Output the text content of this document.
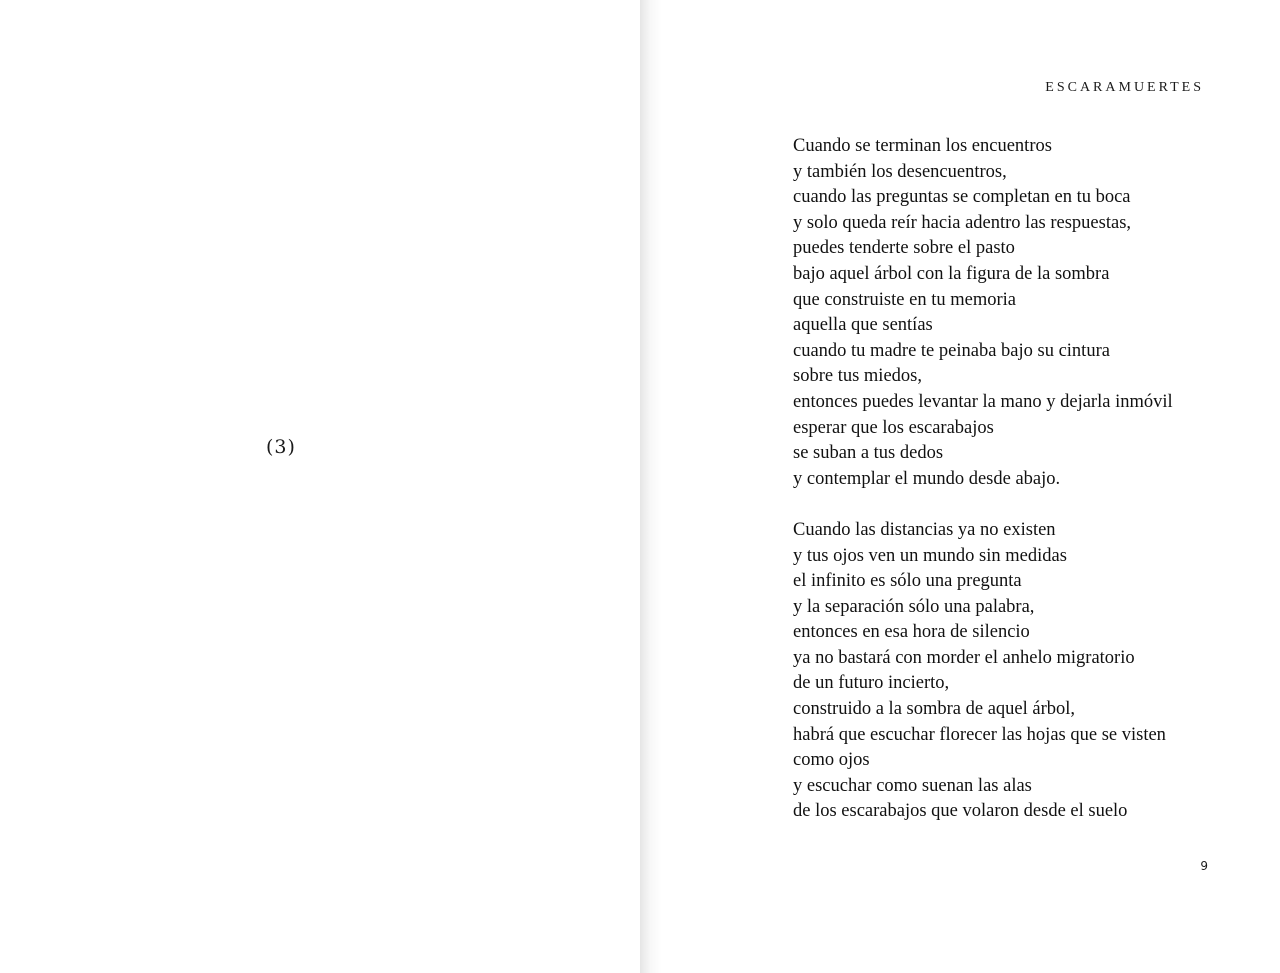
(3)
ESCARAMUERTES
Cuando se terminan los encuentros
y también los desencuentros,
cuando las preguntas se completan en tu boca
y solo queda reír hacia adentro las respuestas,
puedes tenderte sobre el pasto
bajo aquel árbol con la figura de la sombra
que construiste en tu memoria
aquella que sentías
cuando tu madre te peinaba bajo su cintura
sobre tus miedos,
entonces puedes levantar la mano y dejarla inmóvil
esperar que los escarabajos
se suban a tus dedos
y contemplar el mundo desde abajo.
Cuando las distancias ya no existen
y tus ojos ven un mundo sin medidas
el infinito es sólo una pregunta
y la separación sólo una palabra,
entonces en esa hora de silencio
ya no bastará con morder el anhelo migratorio
de un futuro incierto,
construido a la sombra de aquel árbol,
habrá que escuchar florecer las hojas que se visten
como ojos
y escuchar como suenan las alas
de los escarabajos que volaron desde el suelo
9
